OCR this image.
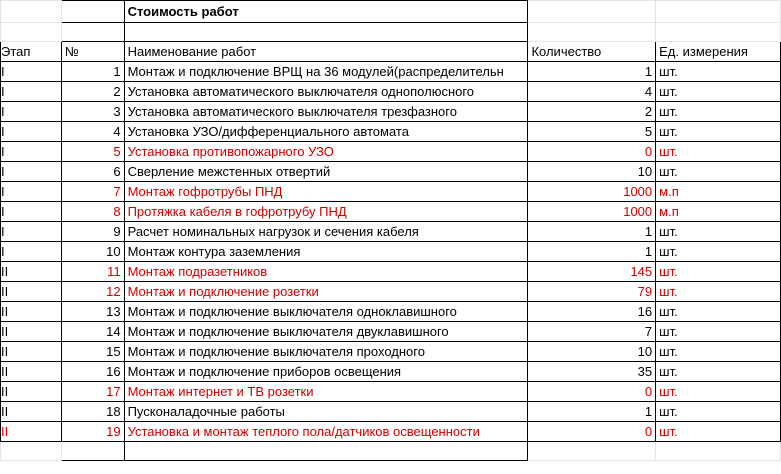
		Стоимость работ		

Этап	№	Наименование работ	Количество	Ед. измерения
I	1	Монтаж и подключение ВРЩ на 36 модулей(распределительн	1	шт.
I	2	Установка автоматического выключателя однополюсного	4	шт.
I	3	Установка автоматического выключателя трезфазного	2	шт.
I	4	Установка УЗО/дифференциального автомата	5	шт.
I	5	Установка противопожарного УЗО	0	шт.
I	6	Сверление межстенных отвертий	10	шт.
I	7	Монтаж гофротрубы ПНД	1000	м.п
I	8	Протяжка кабеля в гофротрубу ПНД	1000	м.п
I	9	Расчет номинальных нагрузок и сечения кабеля	1	шт.
I	10	Монтаж контура заземления	1	шт.
II	11	Монтаж подразетников	145	шт.
II	12	Монтаж и подключение розетки	79	шт.
II	13	Монтаж и подключение выключателя одноклавишного	16	шт.
II	14	Монтаж и подключение выключателя двуклавишного	7	шт.
II	15	Монтаж и подключение выключателя проходного	10	шт.
II	16	Монтаж и подключение приборов освещения	35	шт.
II	17	Монтаж интернет и ТВ розетки	0	шт.
II	18	Пусконаладочные работы	1	шт.
II	19	Установка и монтаж теплого пола/датчиков освещенности	0	шт.
